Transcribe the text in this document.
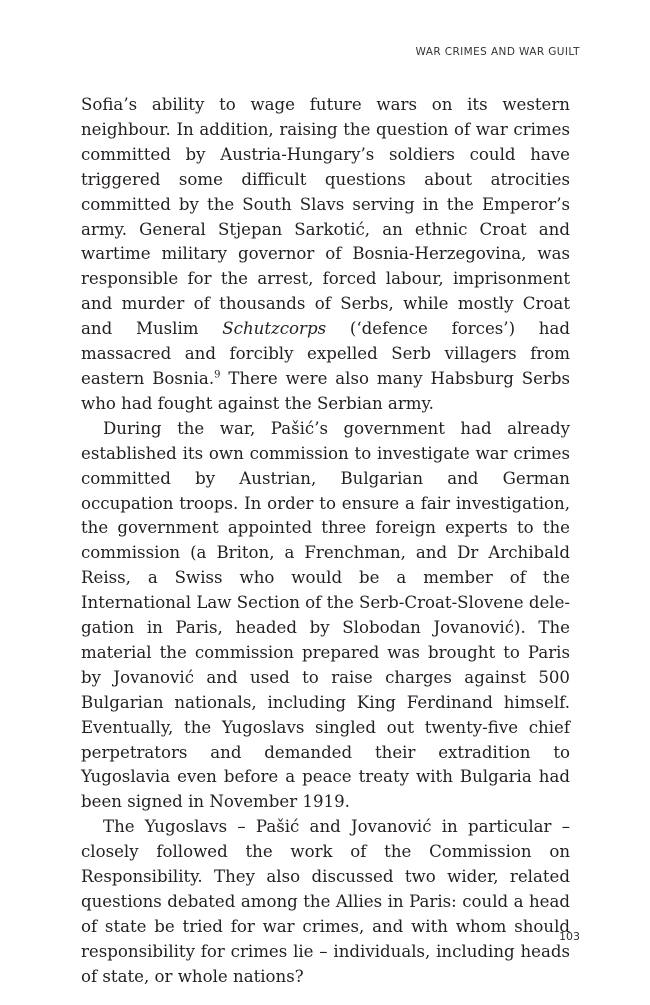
WAR CRIMES AND WAR GUILT

Sofia’s ability to wage future wars on its western neighbour. In addition, raising the question of war crimes committed by Austria-Hungary’s soldiers could have triggered some difficult questions about atrocities committed by the South Slavs serving in the Emperor’s army. General Stjepan Sarkotić, an ethnic Croat and wartime military governor of Bosnia-Herzegovina, was responsible for the arrest, forced labour, imprisonment and murder of thousands of Serbs, while mostly Croat and Muslim Schutzcorps (‘defence forces’) had massacred and forcibly expelled Serb villagers from eastern Bosnia.$^9$ There were also many Habsburg Serbs who had fought against the Serbian army.

During the war, Pašić’s government had already established its own commission to investigate war crimes committed by Austrian, Bulgarian and German occupation troops. In order to ensure a fair investigation, the government appointed three foreign experts to the commission (a Briton, a Frenchman, and Dr Archibald Reiss, a Swiss who would be a member of the International Law Section of the Serb-Croat-Slovene delegation in Paris, headed by Slobodan Jovanović). The material the commission prepared was brought to Paris by Jovanović and used to raise charges against 500 Bulgarian nationals, including King Ferdinand himself. Eventually, the Yugoslavs singled out twenty-five chief perpetrators and demanded their extradition to Yugoslavia even before a peace treaty with Bulgaria had been signed in November 1919.

The Yugoslavs – Pašić and Jovanović in particular – closely followed the work of the Commission on Responsibility. They also discussed two wider, related questions debated among the Allies in Paris: could a head of state be tried for war crimes, and with whom should responsibility for crimes lie – individuals, including heads of state, or whole nations?

103
